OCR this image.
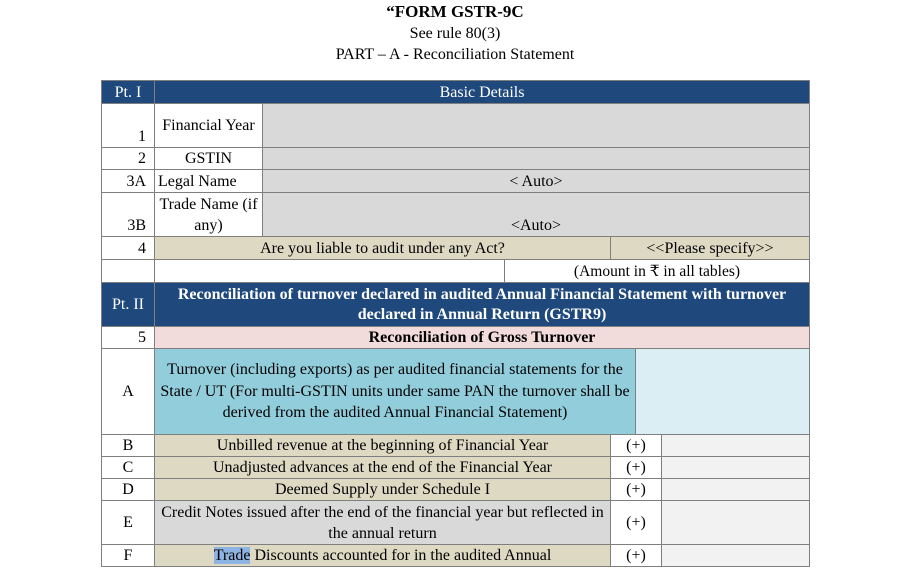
“FORM GSTR-9C
See rule 80(3)
PART – A - Reconciliation Statement
Pt. I	Basic Details					
1	Financial Year					
2	GSTIN					
3A	Legal Name	< Auto>				
3B	Trade Name (if any)	<Auto>				
4	Are you liable to audit under any Act?			<<Please specify>>		
			(Amount in ₹ in all tables)			
Pt. II	Reconciliation of turnover declared in audited Annual Financial Statement with turnover declared in Annual Return (GSTR9)					
5	Reconciliation of Gross Turnover					
A	Turnover (including exports) as per audited financial statements for the State / UT (For multi-GSTIN units under same PAN the turnover shall be derived from the audited Annual Financial Statement)					
B	Unbilled revenue at the beginning of Financial Year			(+)		
C	Unadjusted advances at the end of the Financial Year			(+)		
D	Deemed Supply under Schedule I			(+)		
E	Credit Notes issued after the end of the financial year but reflected in the annual return			(+)		
F	Trade Discounts accounted for in the audited Annual			(+)		
